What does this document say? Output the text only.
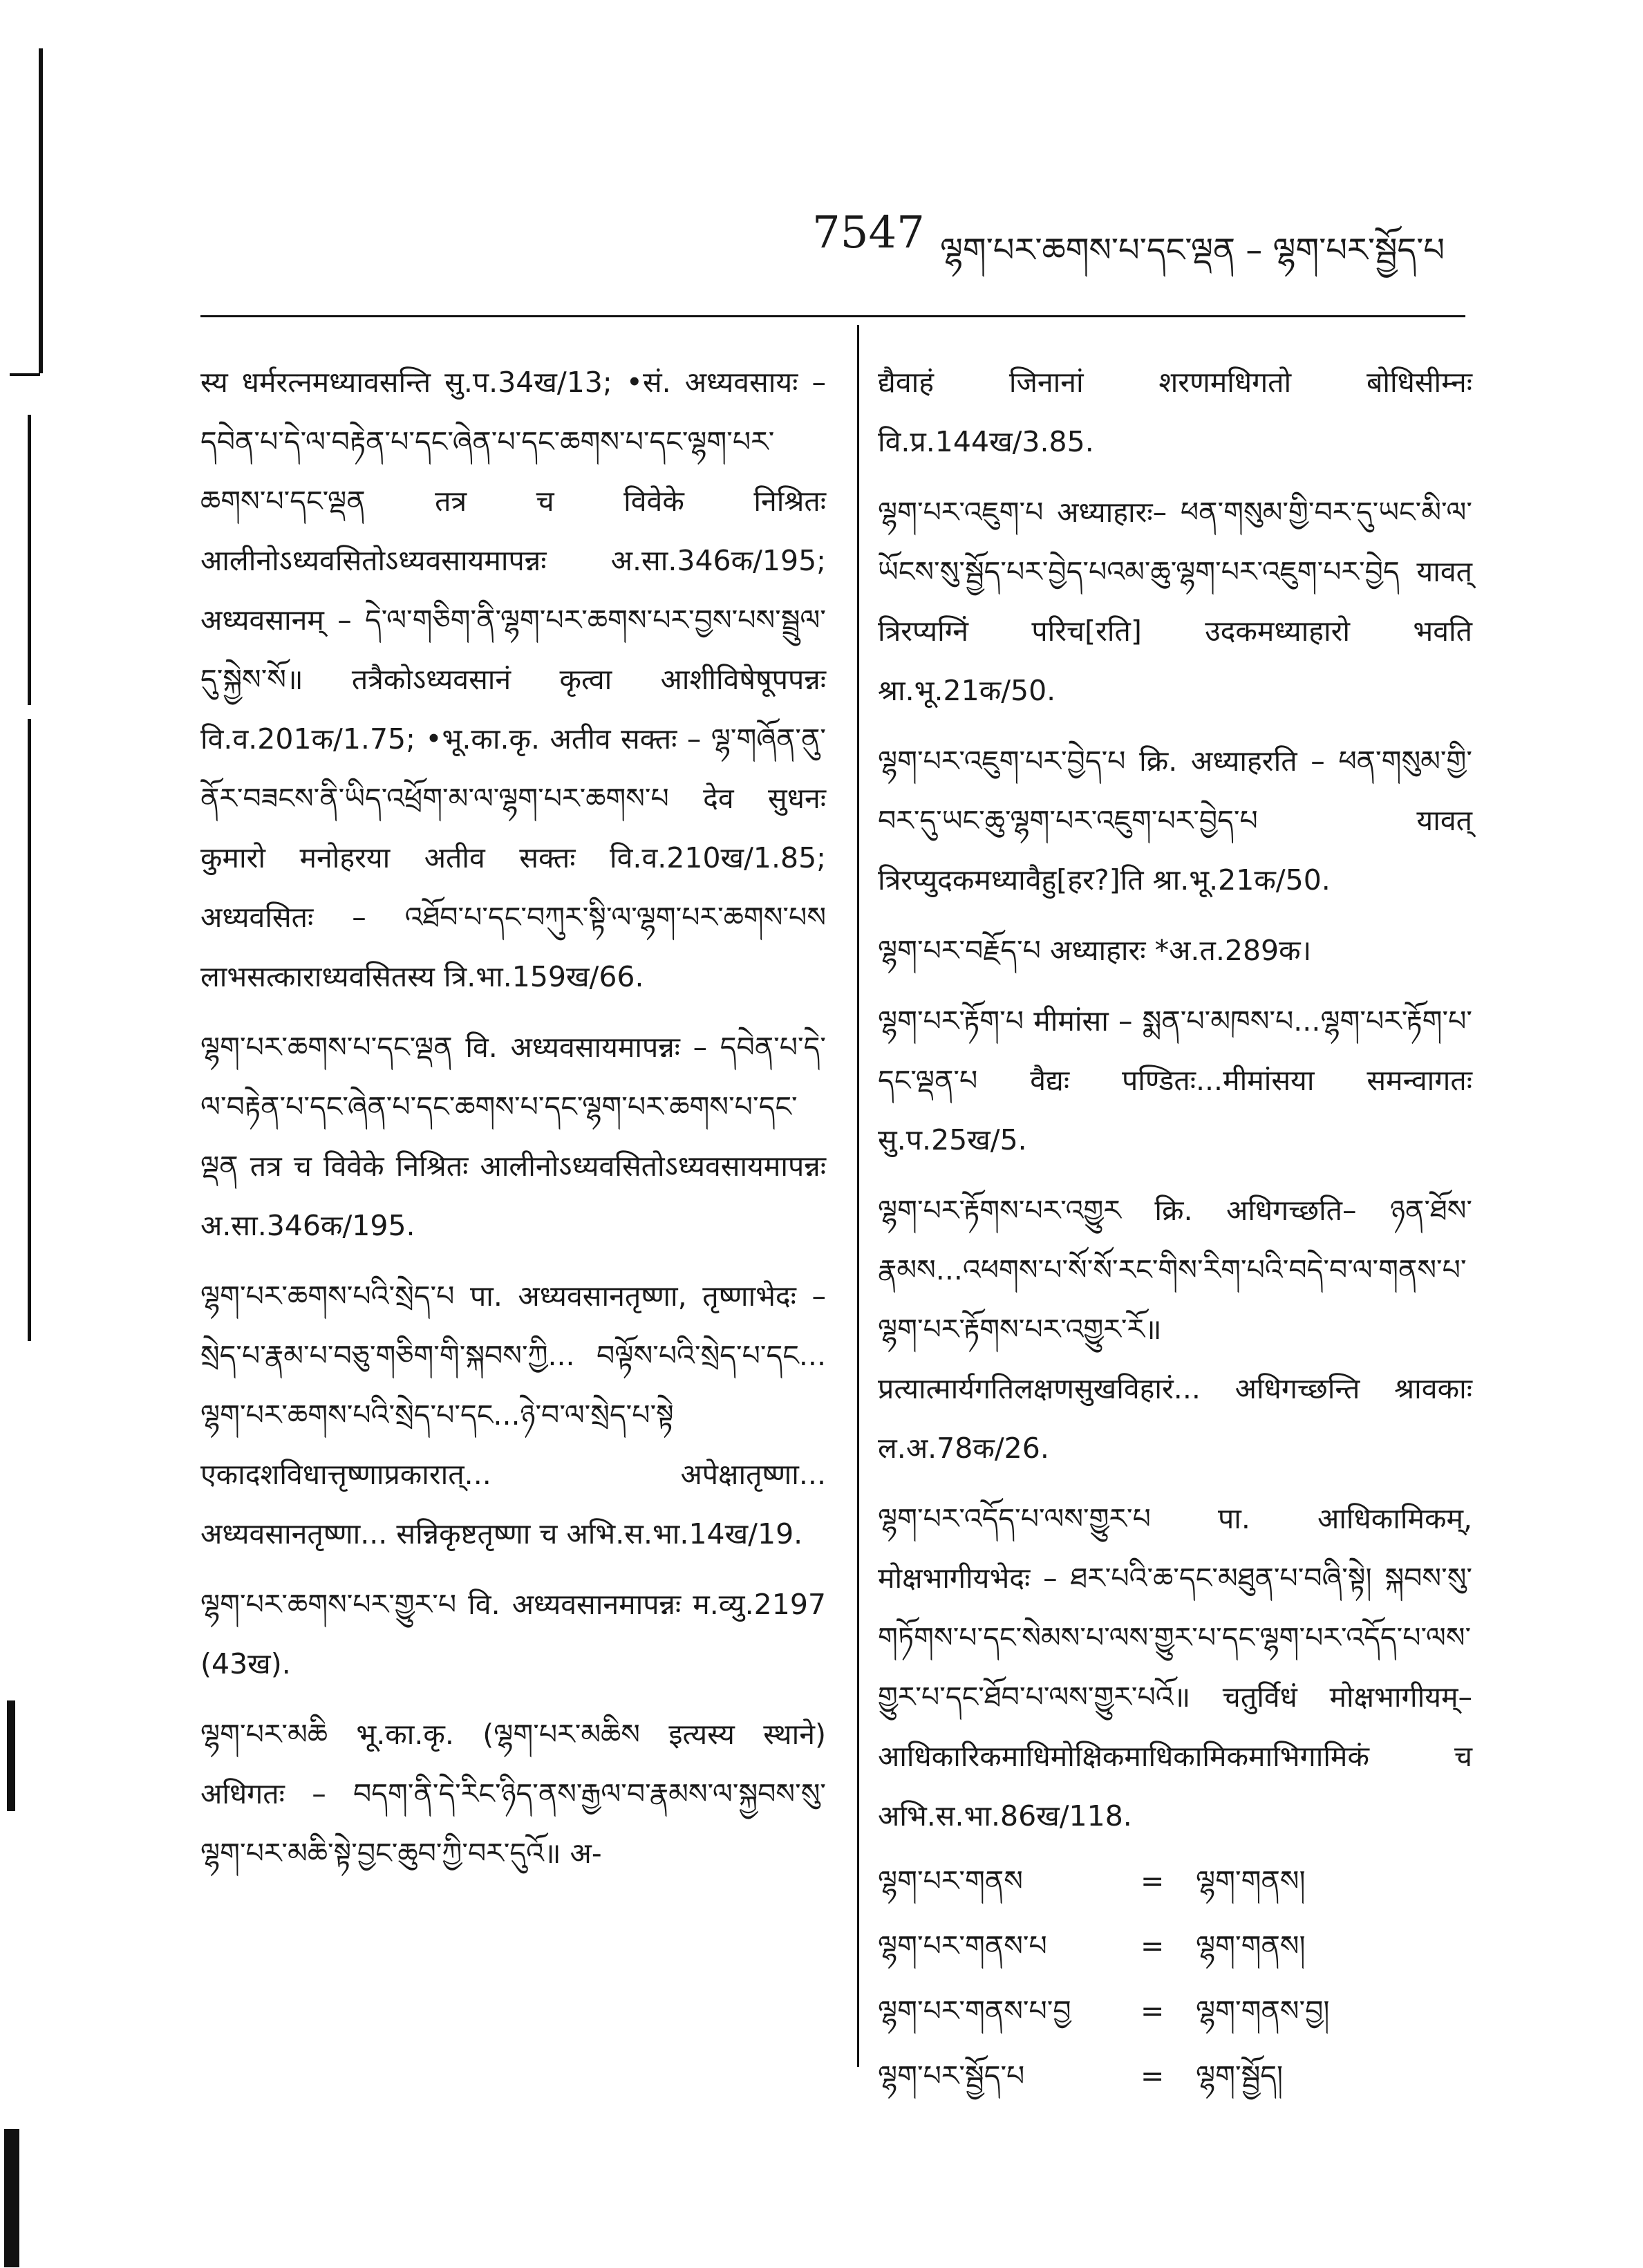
7547 ལྷག་པར་ཆགས་པ་དང་ལྡན – ལྷག་པར་སྦྱོད་པ

स्य धर्मरत्नमध्यावसन्ति सु.प.34ख/13; •सं. अध्यवसायः – དབེན་པ་དེ་ལ་བརྟེན་པ་དང་ཞེན་པ་དང་ཆགས་པ་དང་ལྷག་པར་ཆགས་པ་དང་ལྡན तत्र च विवेके निश्रितः आलीनोऽध्यवसितोऽध्यवसायमापन्नः अ.सा.346क/195; अध्यवसानम् – དེ་ལ་གཅིག་ནི་ལྷག་པར་ཆགས་པར་བྱས་པས་སྦྲུལ་དུ་སྐྱེས་སོ॥ तत्रैकोऽध्यवसानं कृत्वा आशीविषेषूपपन्नः वि.व.201क/1.75; •भू.का.कृ. अतीव सक्तः – ལྷ་གཞོན་ནུ་ནོར་བཟངས་ནི་ཡིད་འཕྲོག་མ་ལ་ལྷག་པར་ཆགས་པ देव सुधनः कुमारो मनोहरया अतीव सक्तः वि.व.210ख/1.85; अध्यवसितः – འཐོབ་པ་དང་བཀུར་སྟི་ལ་ལྷག་པར་ཆགས་པས लाभसत्काराध्यवसितस्य त्रि.भा.159ख/66.

ལྷག་པར་ཆགས་པ་དང་ལྡན वि. अध्यवसायमापन्नः – དབེན་པ་དེ་ལ་བརྟེན་པ་དང་ཞེན་པ་དང་ཆགས་པ་དང་ལྷག་པར་ཆགས་པ་དང་ལྡན तत्र च विवेके निश्रितः आलीनोऽध्यवसितोऽध्यवसायमापन्नः अ.सा.346क/195.

ལྷག་པར་ཆགས་པའི་སྲེད་པ पा. अध्यवसानतृष्णा, तृष्णाभेदः – སྲེད་པ་རྣམ་པ་བཅུ་གཅིག་གི་སྐབས་ཀྱི... བལྟོས་པའི་སྲེད་པ་དང... ལྷག་པར་ཆགས་པའི་སྲེད་པ་དང...ཉེ་བ་ལ་སྲེད་པ་སྟེ एकादशविधात्तृष्णाप्रकारात्... अपेक्षातृष्णा... अध्यवसानतृष्णा... सन्निकृष्टतृष्णा च अभि.स.भा.14ख/19.

ལྷག་པར་ཆགས་པར་གྱུར་པ वि. अध्यवसानमापन्नः म.व्यु.2197 (43ख).

ལྷག་པར་མཆི भू.का.कृ. (ལྷག་པར་མཆིས इत्यस्य स्थाने) अधिगतः – བདག་ནི་དེ་རིང་ཉིད་ནས་རྒྱལ་བ་རྣམས་ལ་སྐྱབས་སུ་ལྷག་པར་མཆི་སྟེ་བྱང་ཆུབ་ཀྱི་བར་དུའོ॥ अ-

द्यैवाहं जिनानां शरणमधिगतो बोधिसीम्नः वि.प्र.144ख/3.85.

ལྷག་པར་འཇུག་པ अध्याहारः– ཕན་གསུམ་གྱི་བར་དུ་ཡང་མི་ལ་ཡོངས་སུ་སྦྱོད་པར་བྱེད་པའམ་ཆུ་ལྷག་པར་འཇུག་པར་བྱེད यावत् त्रिरप्यग्निं परिच[रति] उदकमध्याहारो भवति श्रा.भू.21क/50.

ལྷག་པར་འཇུག་པར་བྱེད་པ क्रि. अध्याहरति – ཕན་གསུམ་གྱི་བར་དུ་ཡང་ཆུ་ལྷག་པར་འཇུག་པར་བྱེད་པ यावत् त्रिरप्युदकमध्यावैहु[हर?]ति श्रा.भू.21क/50.

ལྷག་པར་བརྗོད་པ अध्याहारः *अ.त.289क।

ལྷག་པར་རྟོག་པ मीमांसा – སྨན་པ་མཁས་པ...ལྷག་པར་རྟོག་པ་དང་ལྡན་པ वैद्यः पण्डितः...मीमांसया समन्वागतः सु.प.25ख/5.

ལྷག་པར་རྟོགས་པར་འགྱུར क्रि. अधिगच्छति– ཉན་ཐོས་རྣམས...འཕགས་པ་སོ་སོ་རང་གིས་རིག་པའི་བདེ་བ་ལ་གནས་པ་ལྷག་པར་རྟོགས་པར་འགྱུར་རོ॥ प्रत्यात्मार्यगतिलक्षणसुखविहारं... अधिगच्छन्ति श्रावकाः ल.अ.78क/26.

ལྷག་པར་འདོད་པ་ལས་གྱུར་པ पा. आधिकामिकम्, मोक्षभागीयभेदः – ཐར་པའི་ཆ་དང་མཐུན་པ་བཞི་སྟེ། སྐབས་སུ་གཏོགས་པ་དང་སེམས་པ་ལས་གྱུར་པ་དང་ལྷག་པར་འདོད་པ་ལས་གྱུར་པ་དང་ཐོབ་པ་ལས་གྱུར་པའོ॥ चतुर्विधं मोक्षभागीयम्–आधिकारिकमाधिमोक्षिकमाधिकामिकमाभिगामिकं च अभि.स.भा.86ख/118.

ལྷག་པར་གནས	=	ལྷག་གནས།
ལྷག་པར་གནས་པ	=	ལྷག་གནས།
ལྷག་པར་གནས་པ་བྱ	=	ལྷག་གནས་བྱ།
ལྷག་པར་སྦྱོད་པ	=	ལྷག་སྦྱོད།
